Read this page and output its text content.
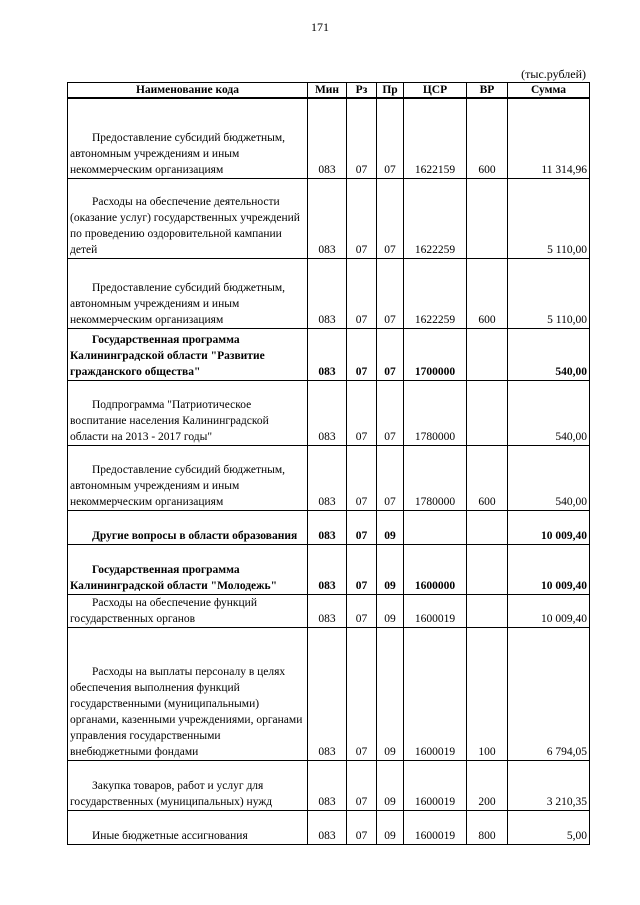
171
(тыс.рублей)
Наименование кода	Мин	Рз	Пр	ЦСР	ВР	Сумма
Предоставление субсидий бюджетным, автономным учреждениям и иным некоммерческим организациям	083	07	07	1622159	600	11 314,96
Расходы на обеспечение деятельности (оказание услуг) государственных учреждений по проведению оздоровительной кампании детей	083	07	07	1622259		5 110,00
Предоставление субсидий бюджетным, автономным учреждениям и иным некоммерческим организациям	083	07	07	1622259	600	5 110,00
Государственная программа Калининградской области "Развитие гражданского общества"	083	07	07	1700000		540,00
Подпрограмма "Патриотическое воспитание населения Калининградской области на 2013 - 2017 годы"	083	07	07	1780000		540,00
Предоставление субсидий бюджетным, автономным учреждениям и иным некоммерческим организациям	083	07	07	1780000	600	540,00
Другие вопросы в области образования	083	07	09			10 009,40
Государственная программа Калининградской области "Молодежь"	083	07	09	1600000		10 009,40
Расходы на обеспечение функций государственных органов	083	07	09	1600019		10 009,40
Расходы на выплаты персоналу в целях обеспечения выполнения функций государственными (муниципальными) органами, казенными учреждениями, органами управления государственными внебюджетными фондами	083	07	09	1600019	100	6 794,05
Закупка товаров, работ и услуг для государственных (муниципальных) нужд	083	07	09	1600019	200	3 210,35
Иные бюджетные ассигнования	083	07	09	1600019	800	5,00
